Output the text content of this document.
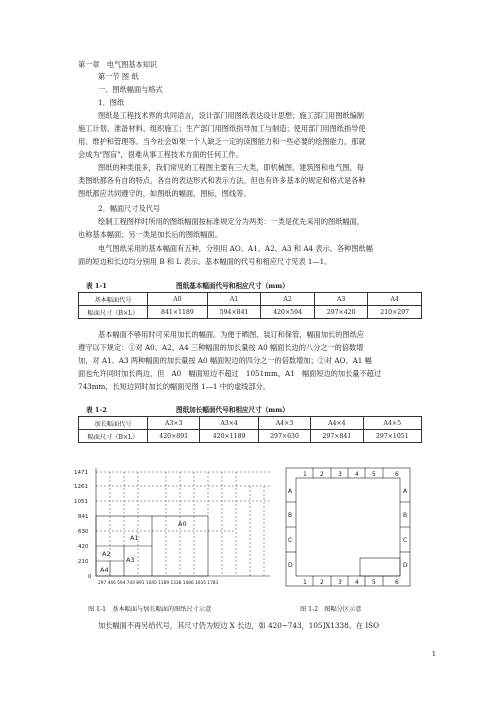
第一章　电气图基本知识
第一节 图 纸
一、图纸幅面与格式
1．图纸
图纸是工程技术界的共同语言，设计部门用图纸表达设计思想；施工部门用图纸编制
施工计划、准备材料、组织施工；生产部门用图纸指导加工与制造；使用部门用图纸指导使
用、维护和管理等。当今社会如果一个人缺乏一定的读图能力和一些必要的绘图能力，那就
会成为"图盲"，很难从事工程技术方面的任何工作。
图纸的种类很多，我们常见的工程图主要有三大类，即机械图、建筑图和电气图，每
类图纸都各有自的特点，各自的表达形式和表示方法。但也有许多基本的规定和格式是各种
图纸都应共同遵守的，如图纸的幅面、图标，图线等。
2．幅面尺寸及代号
绘制工程图样时所用的图纸幅面按标准规定分为两类：一类是优先采用的图纸幅面，
也称基本幅面；另一类是加长后的图纸幅面。
电气图纸采用的基本幅面有五种，分别用 AO、A1、A2、A3 和 A4 表示。各种图纸幅
面的短边和长边均分别用 B 和 L 表示。基本幅面的代号和相应尺寸见表 1—1。
表 1-1	图纸基本幅面代号和相应尺寸（mm）
基本幅面代号	A0	A1	A2	A3	A4
幅面尺寸（B×L）	841×1189	594×841	420×594	297×420	210×297
基本幅面不够用时可采用加长的幅面。为便于晒图、装订和保管，幅面加长的图纸应
遵守以下规定：①对 A0、A2、A4 三种幅面的加长量按 A0 幅面长边的八分之一的倍数增
加，对 A1、A3 两种幅面的加长量按 A0 幅面短边的四分之一的倍数增加；②对 AO、A1 幅
面也允许同时加长两边，但　A0　幅面短边不超过　1051mm，A1　幅面短边的加长量不超过
743mm，长短边同时加长的幅面见图 1—1 中的虚线部分。
表 1-2	图纸加长幅面代号和相应尺寸（mm）
加长幅面代号	A3×3	A3×4	A4×3	A4×4	A4×5
幅面尺寸（B×L）	420×891	420×1189	297×630	297×841	297×1051
1471
1261
1051
841
630
420
210
0
297 446 594 743 891 1040 1189 1338 1486 1635 1783
A1
A0
A2
A3
A4
图 1-1　基本幅面与加长幅面的图纸尺寸示意
1 2 3 4 5	6
1 2 3 4 5	6
A
B
C
D
A
B
C
D
图 1-2　图幅分区示意
加长幅面不再另给代号，其尺寸仍为短边 X 长边，如 420~743，105]X1338。在 ISO
1
